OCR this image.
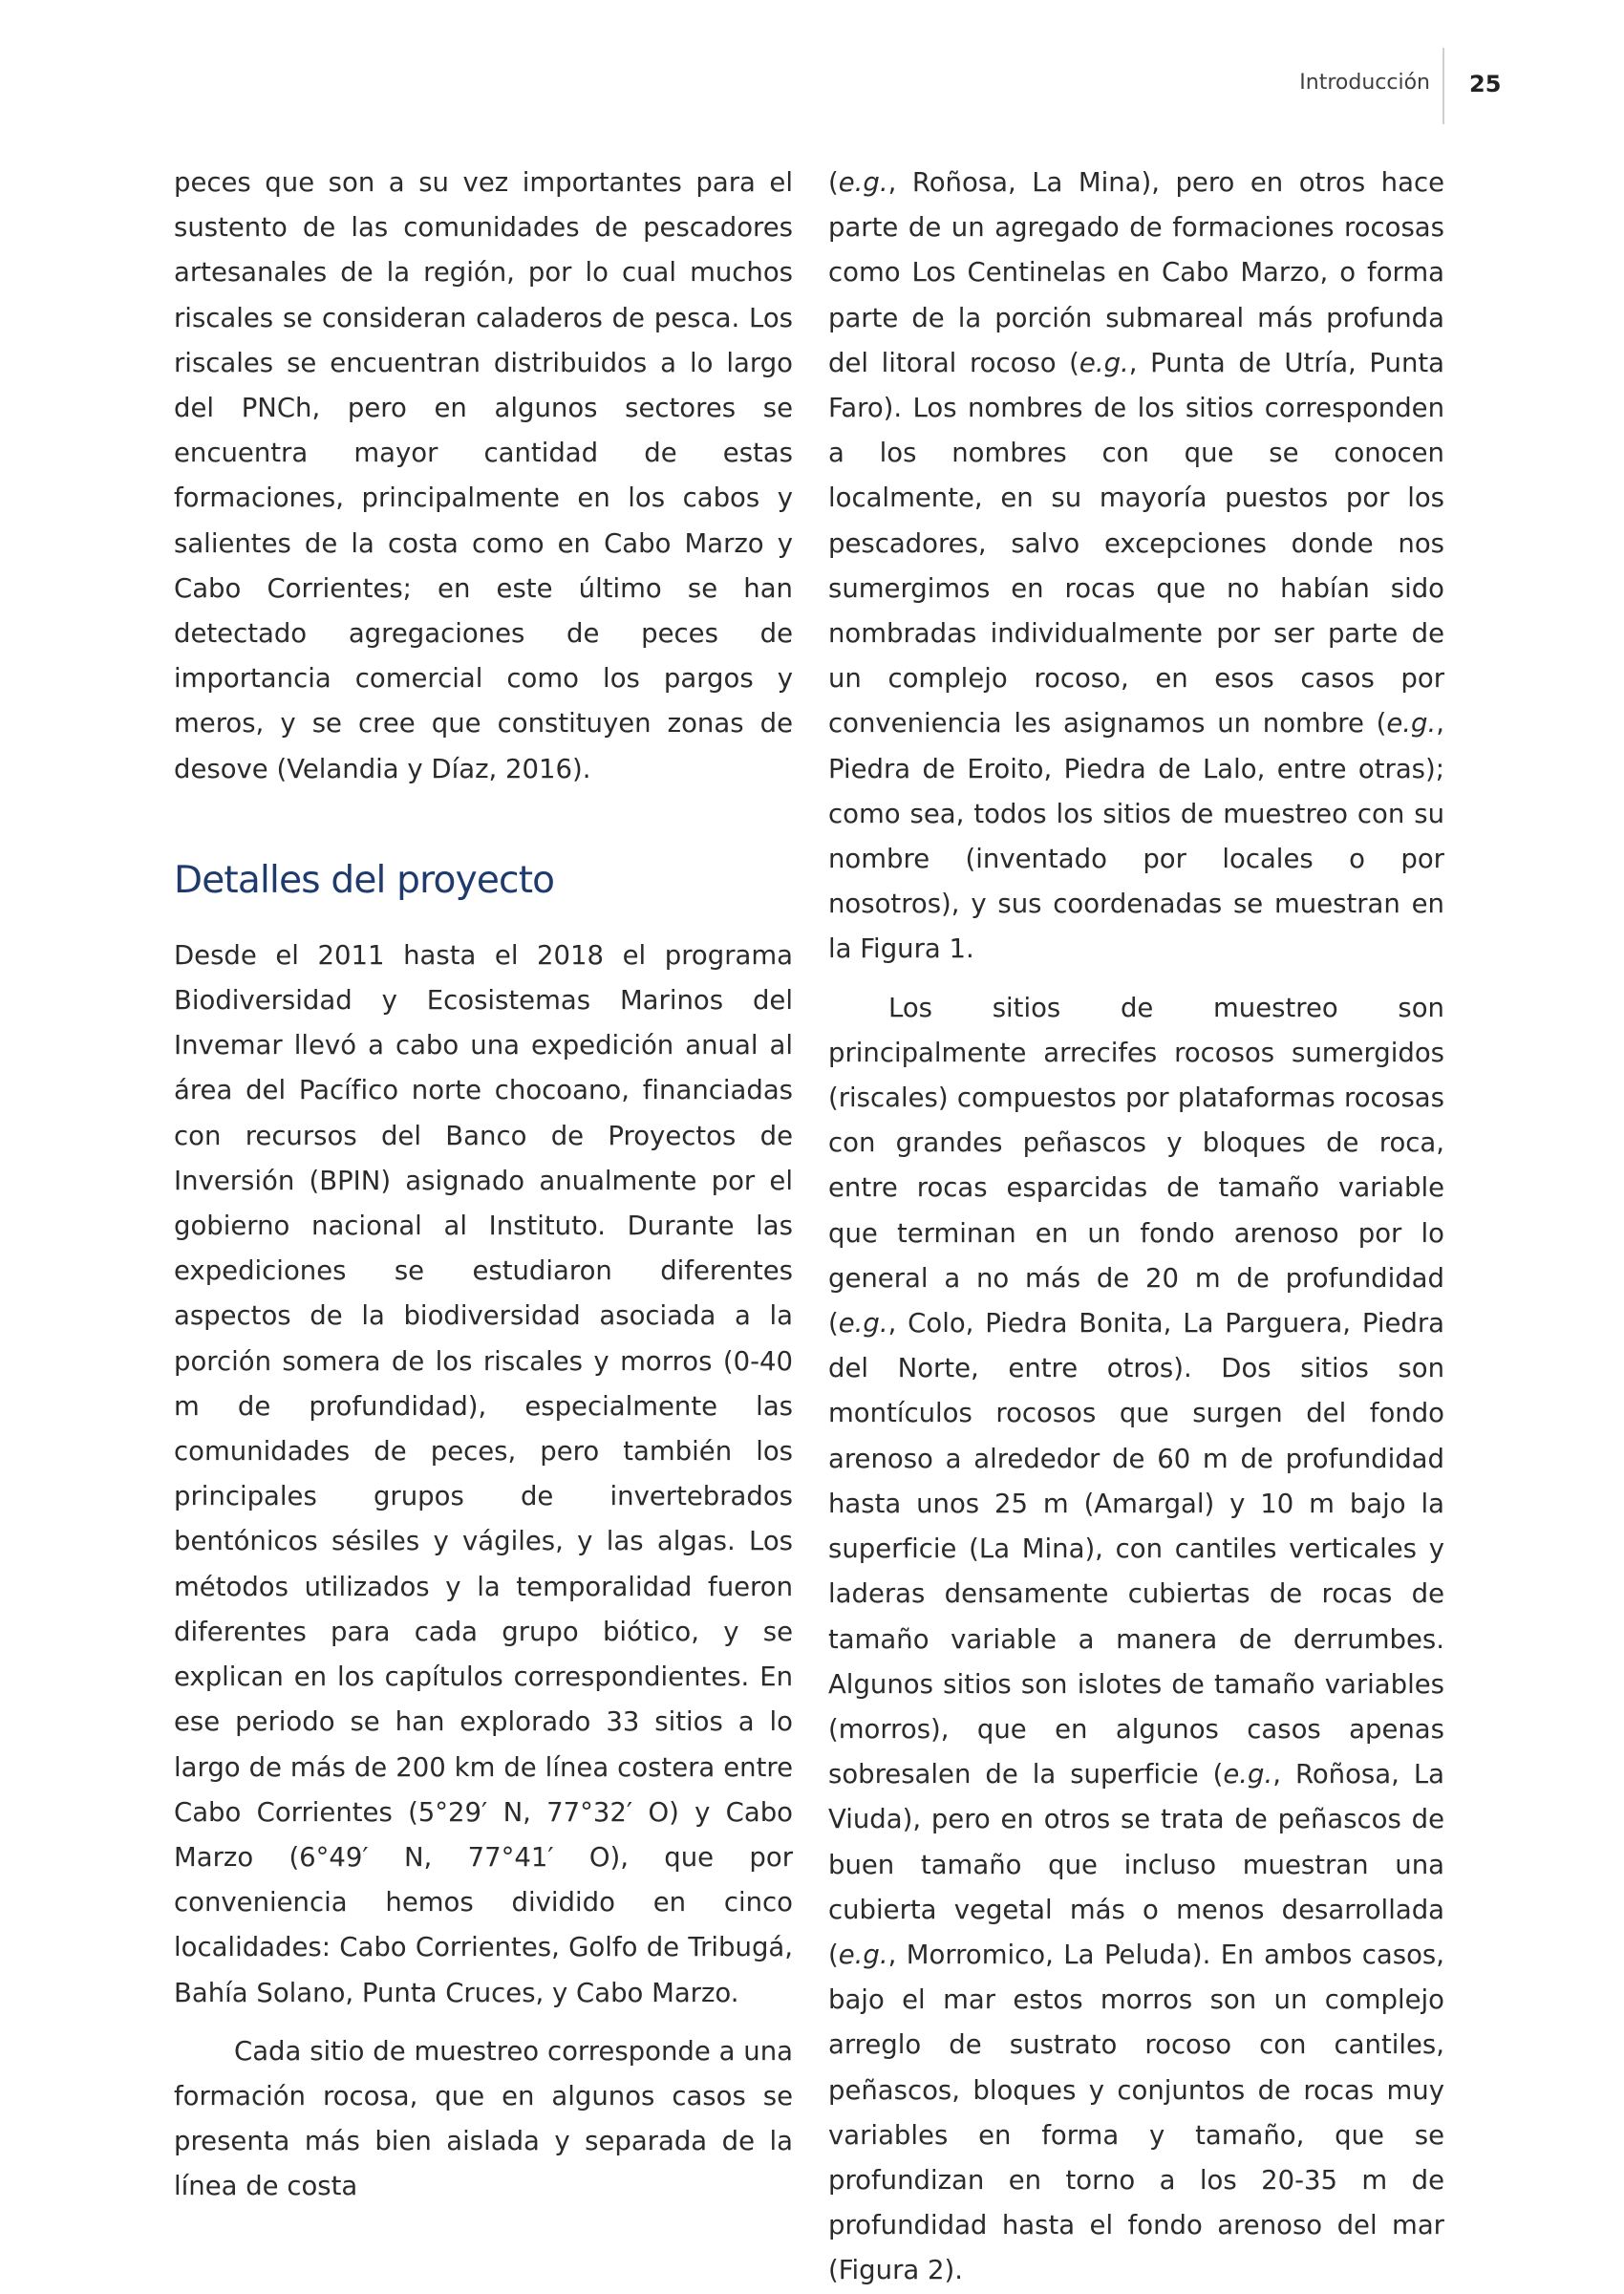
Introducción 25

peces que son a su vez importantes para el sustento de las comunidades de pescadores artesanales de la región, por lo cual muchos riscales se consideran caladeros de pesca. Los riscales se encuentran distribuidos a lo largo del PNCh, pero en algunos sectores se encuentra mayor cantidad de estas formaciones, principalmente en los cabos y salientes de la costa como en Cabo Marzo y Cabo Corrientes; en este último se han detectado agregaciones de peces de importancia comercial como los pargos y meros, y se cree que constituyen zonas de desove (Velandia y Díaz, 2016).

Detalles del proyecto

Desde el 2011 hasta el 2018 el programa Biodiversidad y Ecosistemas Marinos del Invemar llevó a cabo una expedición anual al área del Pacífico norte chocoano, financiadas con recursos del Banco de Proyectos de Inversión (BPIN) asignado anualmente por el gobierno nacional al Instituto. Durante las expediciones se estudiaron diferentes aspectos de la biodiversidad asociada a la porción somera de los riscales y morros (0-40 m de profundidad), especialmente las comunidades de peces, pero también los principales grupos de invertebrados bentónicos sésiles y vágiles, y las algas. Los métodos utilizados y la temporalidad fueron diferentes para cada grupo biótico, y se explican en los capítulos correspondientes. En ese periodo se han explorado 33 sitios a lo largo de más de 200 km de línea costera entre Cabo Corrientes (5°29′ N, 77°32′ O) y Cabo Marzo (6°49′ N, 77°41′ O), que por conveniencia hemos dividido en cinco localidades: Cabo Corrientes, Golfo de Tribugá, Bahía Solano, Punta Cruces, y Cabo Marzo.

Cada sitio de muestreo corresponde a una formación rocosa, que en algunos casos se presenta más bien aislada y separada de la línea de costa

(e.g., Roñosa, La Mina), pero en otros hace parte de un agregado de formaciones rocosas como Los Centinelas en Cabo Marzo, o forma parte de la porción submareal más profunda del litoral rocoso (e.g., Punta de Utría, Punta Faro). Los nombres de los sitios corresponden a los nombres con que se conocen localmente, en su mayoría puestos por los pescadores, salvo excepciones donde nos sumergimos en rocas que no habían sido nombradas individualmente por ser parte de un complejo rocoso, en esos casos por conveniencia les asignamos un nombre (e.g., Piedra de Eroito, Piedra de Lalo, entre otras); como sea, todos los sitios de muestreo con su nombre (inventado por locales o por nosotros), y sus coordenadas se muestran en la Figura 1.

Los sitios de muestreo son principalmente arrecifes rocosos sumergidos (riscales) compuestos por plataformas rocosas con grandes peñascos y bloques de roca, entre rocas esparcidas de tamaño variable que terminan en un fondo arenoso por lo general a no más de 20 m de profundidad (e.g., Colo, Piedra Bonita, La Parguera, Piedra del Norte, entre otros). Dos sitios son montículos rocosos que surgen del fondo arenoso a alrededor de 60 m de profundidad hasta unos 25 m (Amargal) y 10 m bajo la superficie (La Mina), con cantiles verticales y laderas densamente cubiertas de rocas de tamaño variable a manera de derrumbes. Algunos sitios son islotes de tamaño variables (morros), que en algunos casos apenas sobresalen de la superficie (e.g., Roñosa, La Viuda), pero en otros se trata de peñascos de buen tamaño que incluso muestran una cubierta vegetal más o menos desarrollada (e.g., Morromico, La Peluda). En ambos casos, bajo el mar estos morros son un complejo arreglo de sustrato rocoso con cantiles, peñascos, bloques y conjuntos de rocas muy variables en forma y tamaño, que se profundizan en torno a los 20-35 m de profundidad hasta el fondo arenoso del mar (Figura 2).
